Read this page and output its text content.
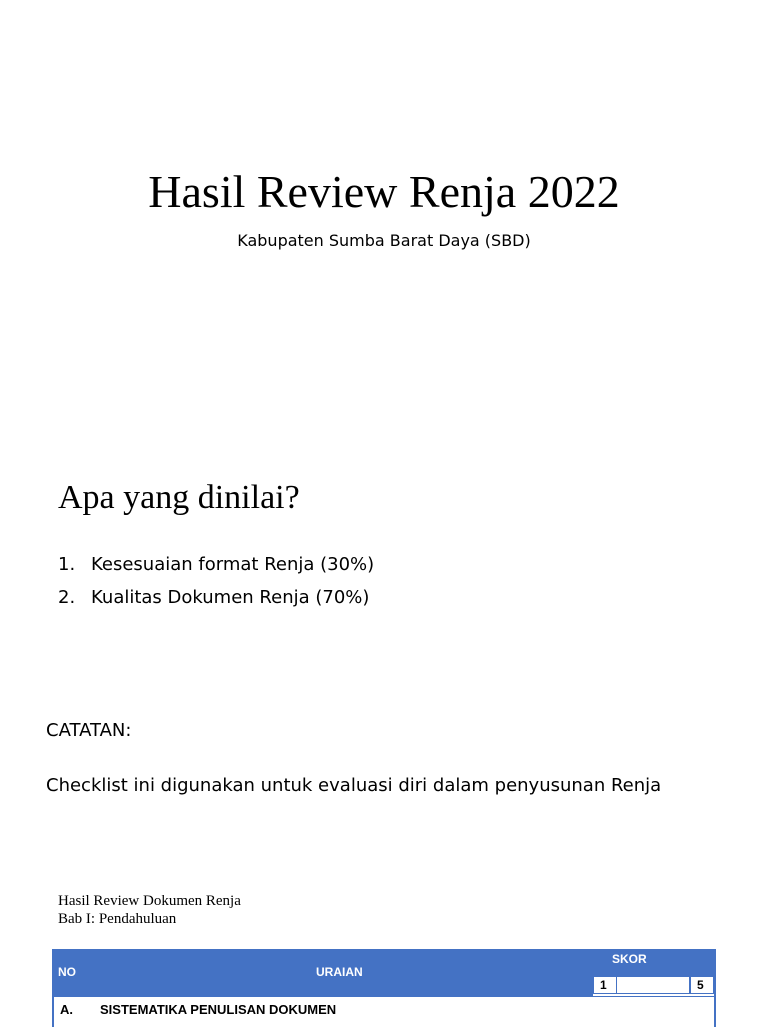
Hasil Review Renja 2022
Kabupaten Sumba Barat Daya (SBD)
Apa yang dinilai?
1. Kesesuaian format Renja (30%)
2. Kualitas Dokumen Renja (70%)
CATATAN:
Checklist ini digunakan untuk evaluasi diri dalam penyusunan Renja
Hasil Review Dokumen Renja
Bab I: Pendahuluan
NO	URAIAN
SKOR
1	5
A. SISTEMATIKA PENULISAN DOKUMEN
